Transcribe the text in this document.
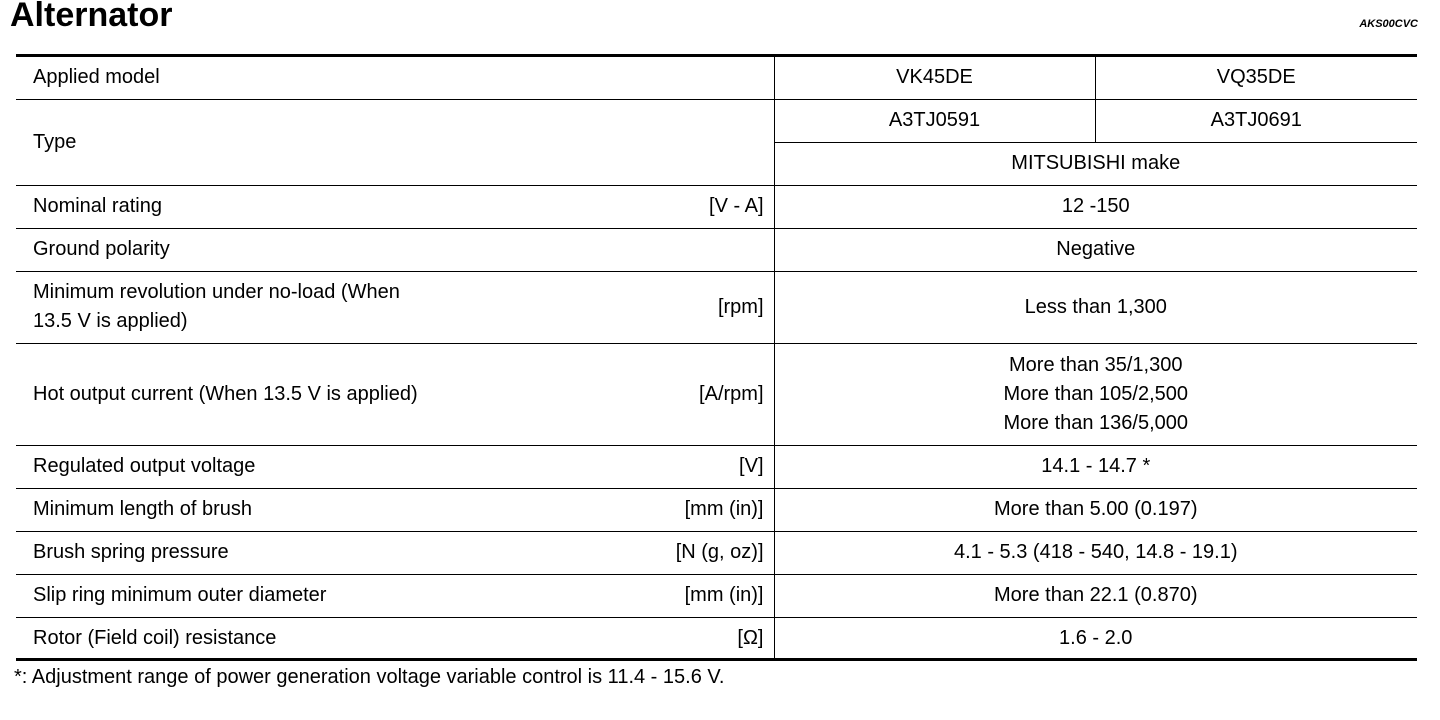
Alternator	AKS00CVC
Applied model		VK45DE	VQ35DE
Type		A3TJ0591	A3TJ0691
		MITSUBISHI make	
Nominal rating	[V - A]	12 -150	
Ground polarity		Negative	
Minimum revolution under no-load (When 13.5 V is applied)	[rpm]	Less than 1,300	
Hot output current (When 13.5 V is applied)	[A/rpm]	More than 35/1,300
More than 105/2,500
More than 136/5,000	
Regulated output voltage	[V]	14.1 - 14.7 *	
Minimum length of brush	[mm (in)]	More than 5.00 (0.197)	
Brush spring pressure	[N (g, oz)]	4.1 - 5.3 (418 - 540, 14.8 - 19.1)	
Slip ring minimum outer diameter	[mm (in)]	More than 22.1 (0.870)	
Rotor (Field coil) resistance	[Ω]	1.6 - 2.0	
*: Adjustment range of power generation voltage variable control is 11.4 - 15.6 V.
